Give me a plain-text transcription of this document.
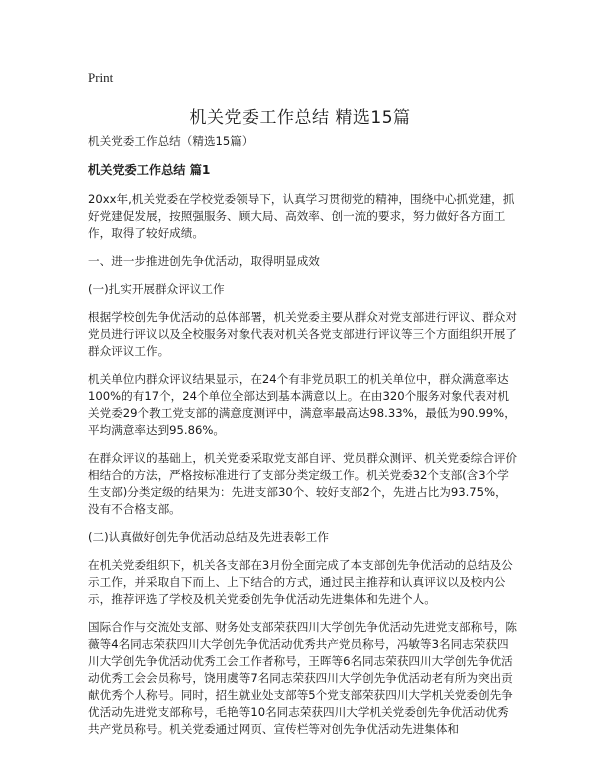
Print
机关党委工作总结 精选15篇

机关党委工作总结（精选15篇）

机关党委工作总结 篇1

20xx年,机关党委在学校党委领导下，认真学习贯彻党的精神，围绕中心抓党建，抓好党建促发展，按照强服务、顾大局、高效率、创一流的要求，努力做好各方面工作，取得了较好成绩。

一、进一步推进创先争优活动，取得明显成效

(一)扎实开展群众评议工作

根据学校创先争优活动的总体部署，机关党委主要从群众对党支部进行评议、群众对党员进行评议以及全校服务对象代表对机关各党支部进行评议等三个方面组织开展了群众评议工作。

机关单位内群众评议结果显示，在24个有非党员职工的机关单位中，群众满意率达100%的有17个，24个单位全部达到基本满意以上。在由320个服务对象代表对机关党委29个教工党支部的满意度测评中，满意率最高达98.33%，最低为90.99%，平均满意率达到95.86%。

在群众评议的基础上，机关党委采取党支部自评、党员群众测评、机关党委综合评价相结合的方法，严格按标准进行了支部分类定级工作。机关党委32个支部(含3个学生支部)分类定级的结果为：先进支部30个、较好支部2个，先进占比为93.75%，没有不合格支部。

(二)认真做好创先争优活动总结及先进表彰工作

在机关党委组织下，机关各支部在3月份全面完成了本支部创先争优活动的总结及公示工作，并采取自下而上、上下结合的方式，通过民主推荐和认真评议以及校内公示，推荐评选了学校及机关党委创先争优活动先进集体和先进个人。

国际合作与交流处支部、财务处支部荣获四川大学创先争优活动先进党支部称号，陈薇等4名同志荣获四川大学创先争优活动优秀共产党员称号，冯敏等3名同志荣获四川大学创先争优活动优秀工会工作者称号，王晖等6名同志荣获四川大学创先争优活动优秀工会会员称号，饶用虞等7名同志荣获四川大学创先争优活动老有所为突出贡献优秀个人称号。同时，招生就业处支部等5个党支部荣获四川大学机关党委创先争优活动先进党支部称号，毛艳等10名同志荣获四川大学机关党委创先争优活动优秀共产党员称号。机关党委通过网页、宣传栏等对创先争优活动先进集体和
